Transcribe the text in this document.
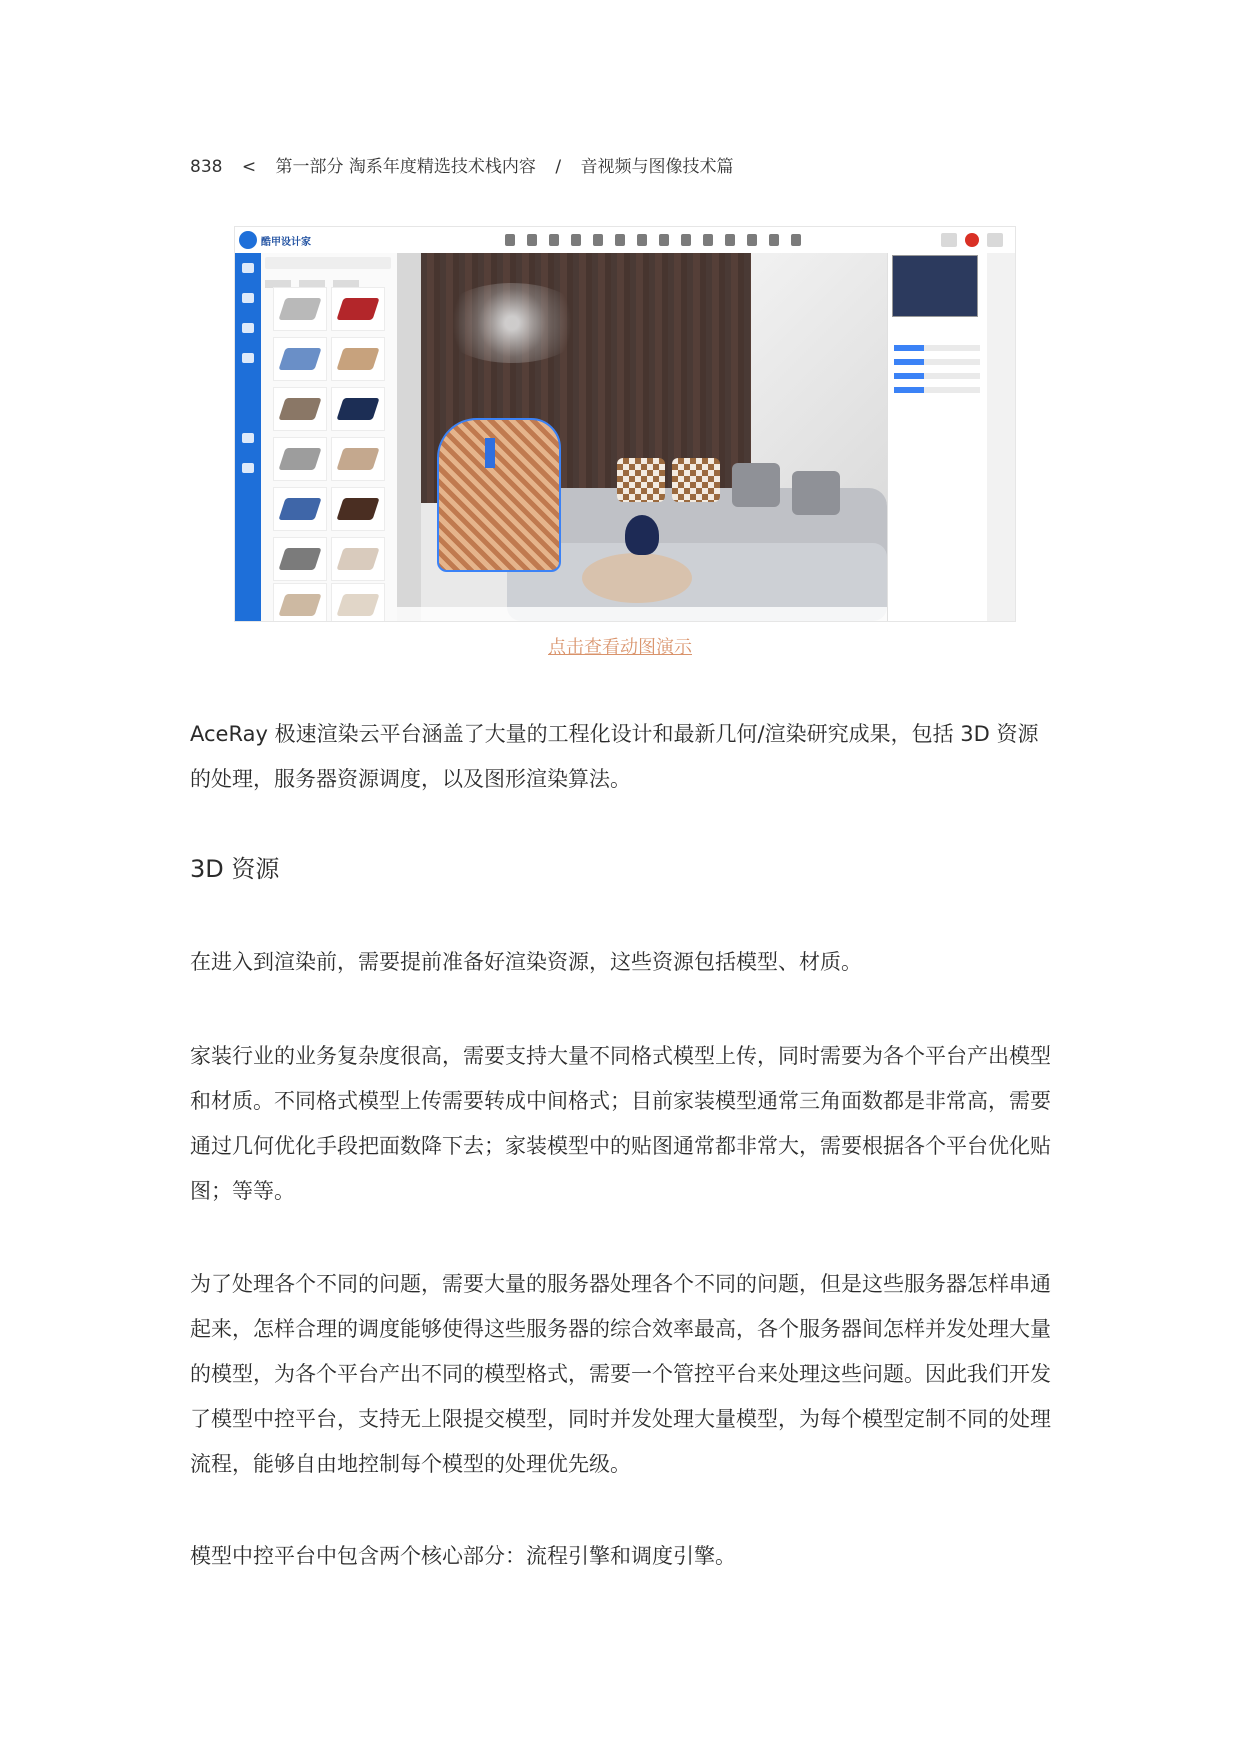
838 < 第一部分 淘系年度精选技术栈内容 / 音视频与图像技术篇
酷甲设计家
点击查看动图演示

AceRay 极速渲染云平台涵盖了大量的工程化设计和最新几何/渲染研究成果，包括 3D 资源的处理，服务器资源调度，以及图形渲染算法。

3D 资源

在进入到渲染前，需要提前准备好渲染资源，这些资源包括模型、材质。

家装行业的业务复杂度很高，需要支持大量不同格式模型上传，同时需要为各个平台产出模型和材质。不同格式模型上传需要转成中间格式；目前家装模型通常三角面数都是非常高，需要通过几何优化手段把面数降下去；家装模型中的贴图通常都非常大，需要根据各个平台优化贴图；等等。

为了处理各个不同的问题，需要大量的服务器处理各个不同的问题，但是这些服务器怎样串通起来，怎样合理的调度能够使得这些服务器的综合效率最高，各个服务器间怎样并发处理大量的模型，为各个平台产出不同的模型格式，需要一个管控平台来处理这些问题。因此我们开发了模型中控平台，支持无上限提交模型，同时并发处理大量模型，为每个模型定制不同的处理流程，能够自由地控制每个模型的处理优先级。

模型中控平台中包含两个核心部分：流程引擎和调度引擎。
